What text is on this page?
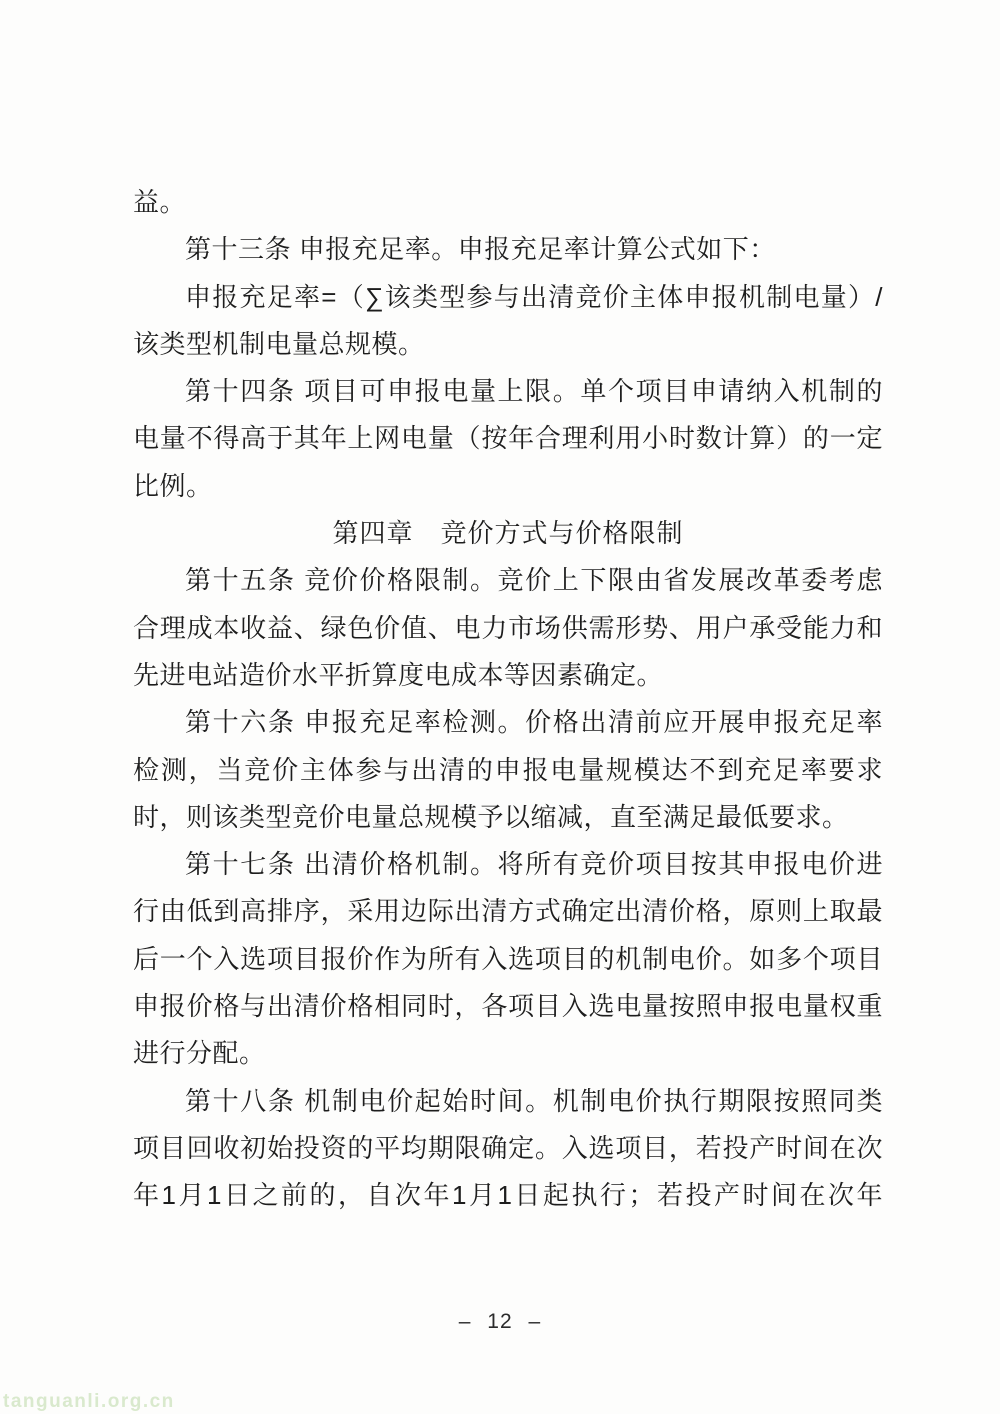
益。
第十三条 申报充足率。申报充足率计算公式如下：
申报充足率=（∑该类型参与出清竞价主体申报机制电量）/
该类型机制电量总规模。
第十四条 项目可申报电量上限。单个项目申请纳入机制的
电量不得高于其年上网电量（按年合理利用小时数计算）的一定
比例。
第四章　竞价方式与价格限制
第十五条 竞价价格限制。竞价上下限由省发展改革委考虑
合理成本收益、绿色价值、电力市场供需形势、用户承受能力和
先进电站造价水平折算度电成本等因素确定。
第十六条 申报充足率检测。价格出清前应开展申报充足率
检测，当竞价主体参与出清的申报电量规模达不到充足率要求
时，则该类型竞价电量总规模予以缩减，直至满足最低要求。
第十七条 出清价格机制。将所有竞价项目按其申报电价进
行由低到高排序，采用边际出清方式确定出清价格，原则上取最
后一个入选项目报价作为所有入选项目的机制电价。如多个项目
申报价格与出清价格相同时，各项目入选电量按照申报电量权重
进行分配。
第十八条 机制电价起始时间。机制电价执行期限按照同类
项目回收初始投资的平均期限确定。入选项目，若投产时间在次
年1月1日之前的，自次年1月1日起执行；若投产时间在次年
– 12 –
tanguanli.org.cn
